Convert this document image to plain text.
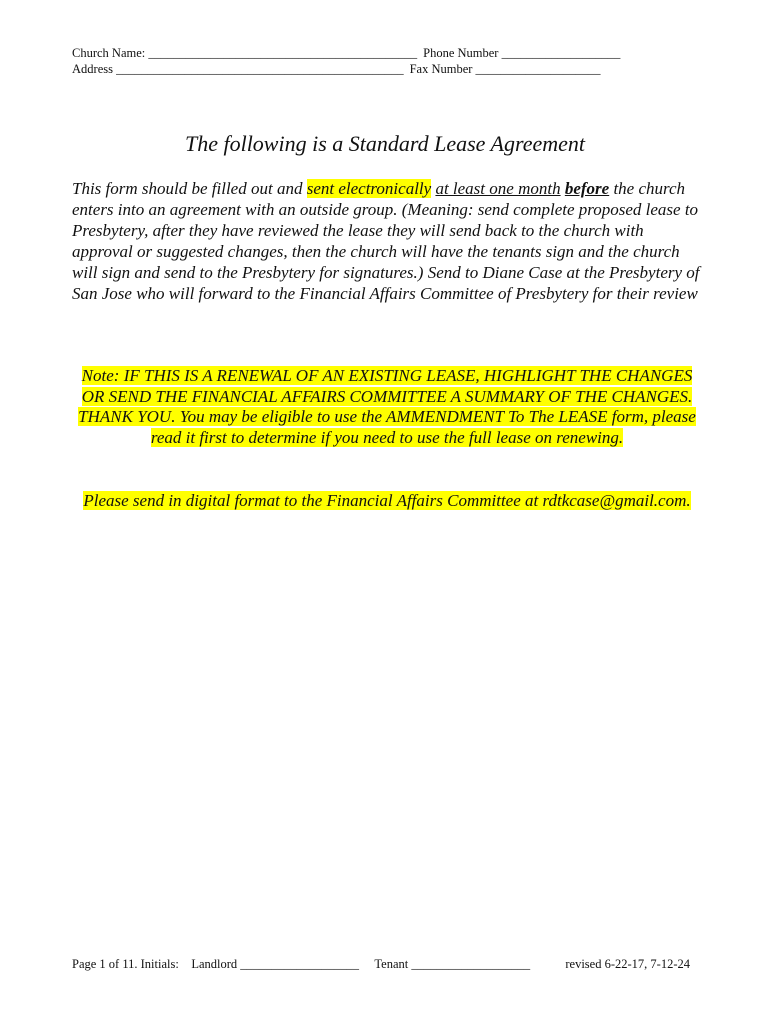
Church Name: ___________________________________________ Phone Number ___________________
Address ______________________________________________ Fax Number ____________________
The following is a Standard Lease Agreement
This form should be filled out and sent electronically at least one month before the church enters into an agreement with an outside group. (Meaning: send complete proposed lease to Presbytery, after they have reviewed the lease they will send back to the church with approval or suggested changes, then the church will have the tenants sign and the church will sign and send to the Presbytery for signatures.) Send to Diane Case at the Presbytery of San Jose who will forward to the Financial Affairs Committee of Presbytery for their review
Note: IF THIS IS A RENEWAL OF AN EXISTING LEASE, HIGHLIGHT THE CHANGES OR SEND THE FINANCIAL AFFAIRS COMMITTEE A SUMMARY OF THE CHANGES. THANK YOU. You may be eligible to use the AMMENDMENT To The LEASE form, please read it first to determine if you need to use the full lease on renewing.
Please send in digital format to the Financial Affairs Committee at rdtkcase@gmail.com.
Page 1 of 11. Initials: Landlord ___________________ Tenant ___________________	revised 6-22-17, 7-12-24
